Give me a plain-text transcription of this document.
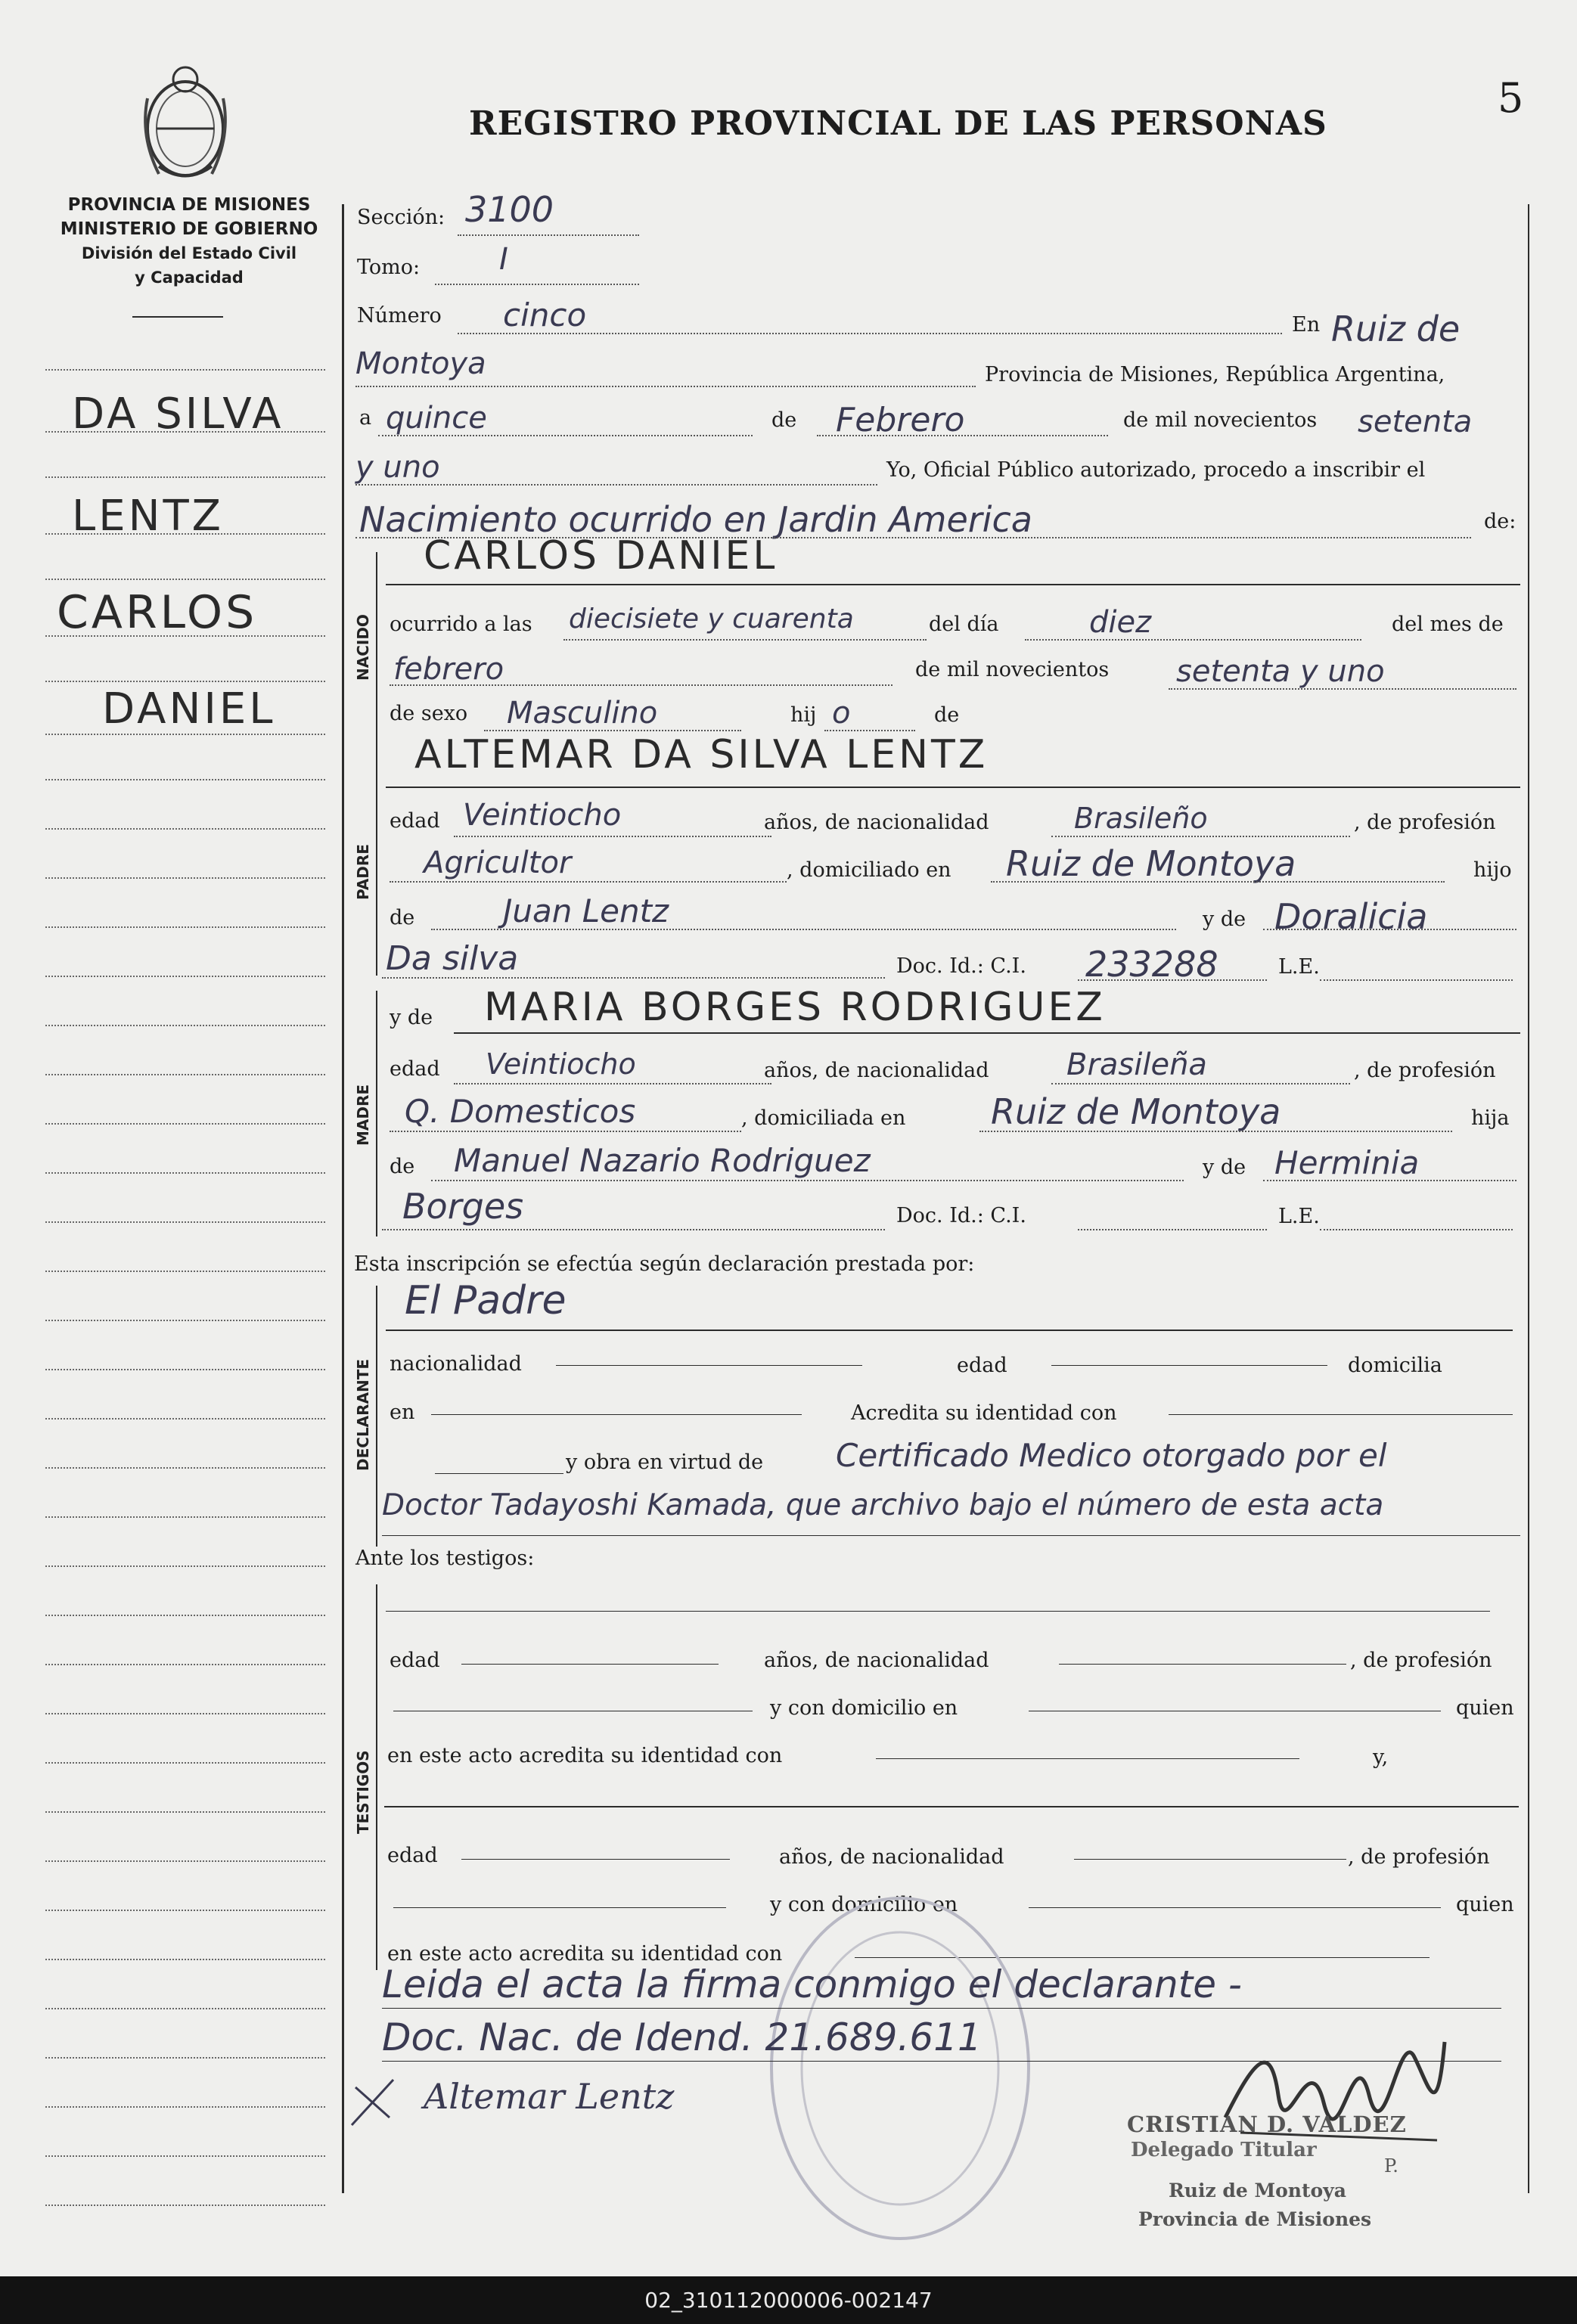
REGISTRO PROVINCIAL DE LAS PERSONAS
5
PROVINCIA DE MISIONES
MINISTERIO DE GOBIERNO
División del Estado Civil
y Capacidad
DA SILVA
LENTZ
CARLOS
DANIEL
Sección: 3100
Tomo:	I
Número cinco	En Ruiz de
Montoya	Provincia de Misiones, República Argentina,
a quince	de Febrero	de mil novecientos setenta
y uno	Yo, Oficial Público autorizado, procedo a inscribir el
Nacimiento ocurrido en Jardin America	de:
NACIDO
CARLOS DANIEL
ocurrido a las diecisiete y cuarenta	del día	diez	del mes de
febrero	de mil novecientos setenta y uno
de sexo Masculino	hij o	de
PADRE
ALTEMAR DA SILVA LENTZ
edad Veintiocho	años, de nacionalidad	Brasileño	, de profesión
Agricultor	, domiciliado en Ruiz de Montoya	hijo
de	Juan Lentz	y de Doralicia
Da silva	Doc. Id.: C.I. 233288	L.E.
MADRE
y de MARIA BORGES RODRIGUEZ
edad Veintiocho	años, de nacionalidad	Brasileña	, de profesión
Q. Domesticos	, domiciliada en Ruiz de Montoya	hija
de Manuel Nazario Rodriguez	y de Herminia
Borges	Doc. Id.: C.I.	L.E.
Esta inscripción se efectúa según declaración prestada por:
DECLARANTE
El Padre
nacionalidad	edad	domicilia
en	Acredita su identidad con
y obra en virtud de Certificado Medico otorgado por el
Doctor Tadayoshi Kamada, que archivo bajo el número de esta acta
Ante los testigos:
TESTIGOS
edad	años, de nacionalidad	, de profesión
y con domicilio en	quien
en este acto acredita su identidad con	y,
edad	años, de nacionalidad	, de profesión
y con domicilio en	quien
en este acto acredita su identidad con
Leida el acta la firma conmigo el declarante -
Doc. Nac. de Idend. 21.689.611
Altemar Lentz
CRISTIAN D. VALDEZ
Delegado Titular
P.
Ruiz de Montoya
Provincia de Misiones
02_310112000006-002147
